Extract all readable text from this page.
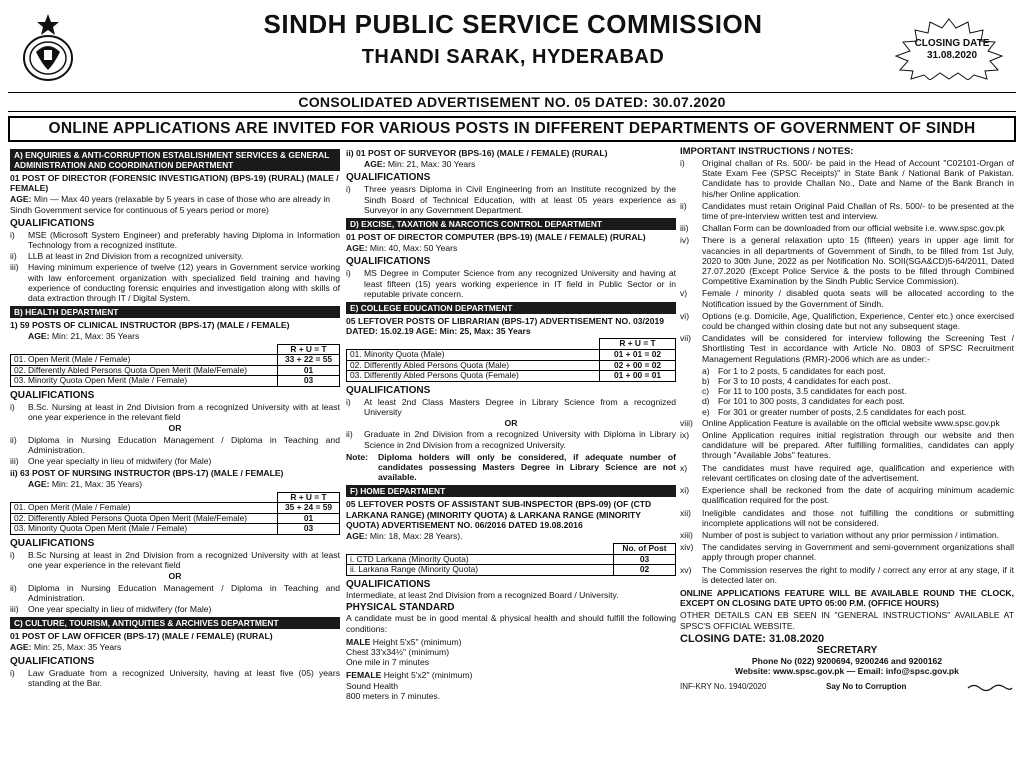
SINDH PUBLIC SERVICE COMMISSION
THANDI SARAK, HYDERABAD
CLOSING DATE
31.08.2020
CONSOLIDATED ADVERTISEMENT NO. 05 DATED: 30.07.2020
ONLINE APPLICATIONS ARE INVITED FOR VARIOUS POSTS IN DIFFERENT DEPARTMENTS OF GOVERNMENT OF SINDH
A) ENQUIRIES & ANTI-CORRUPTION ESTABLISHMENT SERVICES & GENERAL ADMINISTRATION AND COORDINATION DEPARTMENT
01 POST OF DIRECTOR (FORENSIC INVESTIGATION) (BPS-19) (RURAL) (MALE / FEMALE)
AGE: Min — Max 40 years (relaxable by 5 years in case of those who are already in Sindh Government service for continuous of 5 years period or more)
QUALIFICATIONS
i)	MSE (Microsoft System Engineer) and preferably having Diploma in Information Technology from a recognized institute.
ii)	LLB at least in 2nd Division from a recognized university.
iii)	Having minimum experience of twelve (12) years in Government service working with law enforcement organization with specialized field training and having experience of conducting forensic enquiries and investigation along with skills of data extraction through IT / Digital System.
B) HEALTH DEPARTMENT
1) 59 POSTS OF CLINICAL INSTRUCTOR (BPS-17) (MALE / FEMALE)
AGE: Min: 21, Max: 35 Years
	R + U = T
01. Open Merit (Male / Female)	33 + 22 = 55
02. Differently Abled Persons Quota Open Merit (Male/Female)	01
03. Minority Quota Open Merit (Male / Female)	03
QUALIFICATIONS
i)	B.Sc. Nursing at least in 2nd Division from a recognized University with at least one year experience in the relevant field
OR
ii)	Diploma in Nursing Education Management / Diploma in Teaching and Administration.
iii)	One year specialty in lieu of midwifery (for Male)
ii) 63 POST OF NURSING INSTRUCTOR (BPS-17) (MALE / FEMALE)
AGE: Min: 21, Max: 35 Years)
	R + U = T
01. Open Merit (Male / Female)	35 + 24 = 59
02. Differently Abled Persons Quota Open Merit (Male/Female)	01
03. Minority Quota Open Merit (Male / Female)	03
QUALIFICATIONS
i)	B.Sc Nursing at least in 2nd Division from a recognized University with at least one year experience in the relevant field
OR
ii)	Diploma in Nursing Education Management / Diploma in Teaching and Administration.
iii)	One year specialty in lieu of midwifery (for Male)
C) CULTURE, TOURISM, ANTIQUITIES & ARCHIVES DEPARTMENT
01 POST OF LAW OFFICER (BPS-17) (MALE / FEMALE) (RURAL)
AGE: Min: 25, Max: 35 Years
QUALIFICATIONS
i)	Law Graduate from a recognized University, having at least five (05) years standing at the Bar.
ii) 01 POST OF SURVEYOR (BPS-16) (MALE / FEMALE) (RURAL)
AGE: Min: 21, Max: 30 Years
QUALIFICATIONS
i)	Three yeasrs Diploma in Civil Engineering from an Institute recognized by the Sindh Board of Technical Education, with at least 05 years experience as Surveyor in any Government Department.
D) EXCISE, TAXATION & NARCOTICS CONTROL DEPARTMENT
01 POST OF DIRECTOR COMPUTER (BPS-19) (MALE / FEMALE) (RURAL)
AGE: Min: 40, Max: 50 Years
QUALIFICATIONS
i)	MS Degree in Computer Science from any recognized University and having at least fifteen (15) years working experience in IT field in Public Sector or in reputable private concern.
E) COLLEGE EDUCATION DEPARTMENT
05 LEFTOVER POSTS OF LIBRARIAN (BPS-17) ADVERTISEMENT NO. 03/2019 DATED: 15.02.19 AGE: Min: 25, Max: 35 Years
	R + U = T
01. Minority Quota (Male)	01 + 01 = 02
02. Differently Abled Persons Quota (Male)	02 + 00 = 02
03. Differently Abled Persons Quota (Female)	01 + 00 = 01
QUALIFICATIONS
i)	At least 2nd Class Masters Degree in Library Science from a recognized University
OR
ii)	Graduate in 2nd Division from a recognized University with Diploma in Library Science in 2nd Division from a recognized University.
Note:	Diploma holders will only be considered, if adequate number of candidates possessing Masters Degree in Library Science are not available.
F) HOME DEPARTMENT
05 LEFTOVER POSTS OF ASSISTANT SUB-INSPECTOR (BPS-09) (OF (CTD LARKANA RANGE) (MINORITY QUOTA) & LARKANA RANGE (MINORITY QUOTA) ADVERTISEMENT NO. 06/2016 DATED 19.08.2016
AGE: Min: 18, Max: 28 Years).
	No. of Post
i. CTD Larkana (Minority Quota)	03
ii. Larkana Range (Minority Quota)	02
QUALIFICATIONS
Intermediate, at least 2nd Division from a recognized Board / University.
PHYSICAL STANDARD
A candidate must be in good mental & physical health and should fulfill the following conditions:
MALE Height 5'x5" (minimum)
Chest 33'x34½" (minimum)
One mile in 7 minutes
FEMALE Height 5'x2" (minimum)
Sound Health
800 meters in 7 minutes.
IMPORTANT INSTRUCTIONS / NOTES:
i)	Original challan of Rs. 500/- be paid in the Head of Account "C02101-Organ of State Exam Fee (SPSC Receipts)" in State Bank / National Bank of Pakistan. Candidate has to provide Challan No., Date and Name of the Bank Branch in his/her Online application.
ii)	Candidates must retain Original Paid Challan of Rs. 500/- to be presented at the time of pre-interview written test and interview.
iii)	Challan Form can be downloaded from our official website i.e. www.spsc.gov.pk
iv)	There is a general relaxation upto 15 (fifteen) years in upper age limit for vacancies in all departments of Government of Sindh, to be filled from 1st July, 2020 to 30th June, 2022 as per Notification No. SOII(SGA&CD)5-64/2011, Dated 27.07.2020 (Except Police Service & the posts to be filled through Combined Competitive Examination by the Sindh Public Service Commission).
v)	Female / minority / disabled quota seats will be allocated according to the Notification issued by the Government of Sindh.
vi)	Options (e.g. Domicile, Age, Qualifiction, Experience, Center etc.) once exercised could be changed within closing date but not any subsequent stage.
vii)	Candidates will be considered for interview following the Screening Test / Shortlisting Test in accordance with Article No. 0803 of SPSC Recruitment Management Regulations (RMR)-2006 which are as under:-
a) For 1 to 2 posts, 5 candidates for each post.
b) For 3 to 10 posts, 4 candidates for each post.
c)	For 11 to 100 posts, 3.5 candidates for each post.
d) For 101 to 300 posts, 3 candidates for each post.
e) For 301 or greater number of posts, 2.5 candidates for each post.
viii)	Online Application Feature is available on the official website www.spsc.gov.pk
ix)	Online Application requires initial registration through our website and then candidature will be prepared. After fulfilling formalities, candidates can apply through "Available Jobs" features.
x)	The candidates must have required age, qualification and experience with relevant certificates on closing date of the advertisement.
xi)	Experience shall be reckoned from the date of acquiring minimum academic qualification required for the post.
xii)	Ineligible candidates and those not fulfilling the conditions or submitting incomplete applications will not be considered.
xiii)	Number of post is subject to variation without any prior permission / intimation.
xiv)	The candidates serving in Government and semi-government organizations shall apply through proper channel.
xv)	The Commission reserves the right to modify / correct any error at any stage, if it is detected later on.
ONLINE APPLICATIONS FEATURE WILL BE AVAILABLE ROUND THE CLOCK, EXCEPT ON CLOSING DATE UPTO 05:00 P.M. (OFFICE HOURS)
OTHER DETAILS CAN EB SEEN IN "GENERAL INSTRUCTIONS" AVAILABLE AT SPSC'S OFFICIAL WEBSITE.
CLOSING DATE: 31.08.2020
SECRETARY
Phone No (022) 9200694, 9200246 and 9200162
Website: www.spsc.gov.pk — Email: info@spsc.gov.pk
INF-KRY No. 1940/2020	Say No to Corruption
